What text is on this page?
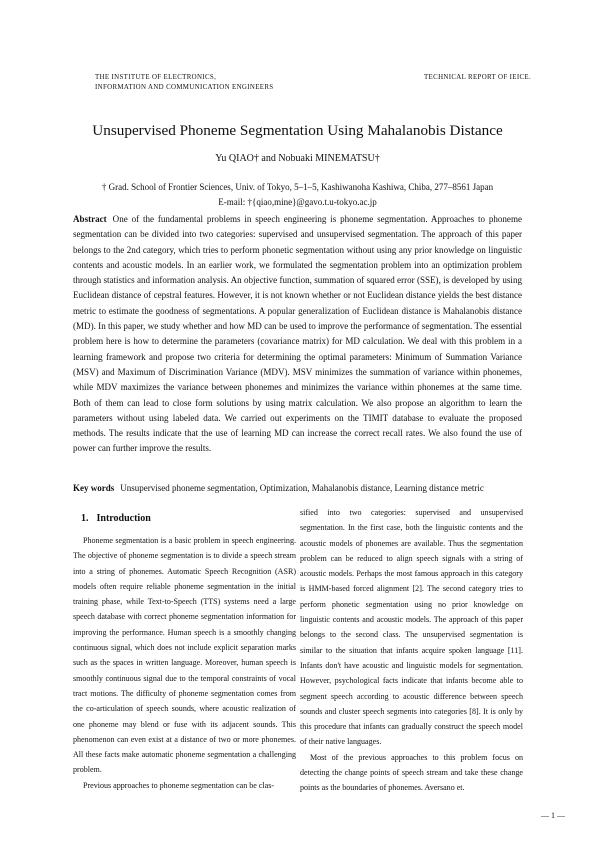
THE INSTITUTE OF ELECTRONICS,
INFORMATION AND COMMUNICATION ENGINEERS
TECHNICAL REPORT OF IEICE.
Unsupervised Phoneme Segmentation Using Mahalanobis Distance
Yu QIAO† and Nobuaki MINEMATSU†
† Grad. School of Frontier Sciences, Univ. of Tokyo, 5–1–5, Kashiwanoha Kashiwa, Chiba, 277–8561 Japan
E-mail: †{qiao,mine}@gavo.t.u-tokyo.ac.jp
Abstract One of the fundamental problems in speech engineering is phoneme segmentation. Approaches to phoneme segmentation can be divided into two categories: supervised and unsupervised segmentation. The approach of this paper belongs to the 2nd category, which tries to perform phonetic segmentation without using any prior knowledge on linguistic contents and acoustic models. In an earlier work, we formulated the segmentation problem into an optimization problem through statistics and information analysis. An objective function, summation of squared error (SSE), is developed by using Euclidean distance of cepstral features. However, it is not known whether or not Euclidean distance yields the best distance metric to estimate the goodness of segmentations. A popular generalization of Euclidean distance is Mahalanobis distance (MD). In this paper, we study whether and how MD can be used to improve the performance of segmentation. The essential problem here is how to determine the parameters (covariance matrix) for MD calculation. We deal with this problem in a learning framework and propose two criteria for determining the optimal parameters: Minimum of Summation Variance (MSV) and Maximum of Discrimination Variance (MDV). MSV minimizes the summation of variance within phonemes, while MDV maximizes the variance between phonemes and minimizes the variance within phonemes at the same time. Both of them can lead to close form solutions by using matrix calculation. We also propose an algorithm to learn the parameters without using labeled data. We carried out experiments on the TIMIT database to evaluate the proposed methods. The results indicate that the use of learning MD can increase the correct recall rates. We also found the use of power can further improve the results.
Key words Unsupervised phoneme segmentation, Optimization, Mahalanobis distance, Learning distance metric
1. Introduction

Phoneme segmentation is a basic problem in speech engineering. The objective of phoneme segmentation is to divide a speech stream into a string of phonemes. Automatic Speech Recognition (ASR) models often require reliable phoneme segmentation in the initial training phase, while Text-to-Speech (TTS) systems need a large speech database with correct phoneme segmentation information for improving the performance. Human speech is a smoothly changing continuous signal, which does not include explicit separation marks such as the spaces in written language. Moreover, human speech is smoothly continuous signal due to the temporal constraints of vocal tract motions. The difficulty of phoneme segmentation comes from the co-articulation of speech sounds, where acoustic realization of one phoneme may blend or fuse with its adjacent sounds. This phenomenon can even exist at a distance of two or more phonemes. All these facts make automatic phoneme segmentation a challenging problem.

Previous approaches to phoneme segmentation can be clas-

sified into two categories: supervised and unsupervised segmentation. In the first case, both the linguistic contents and the acoustic models of phonemes are available. Thus the segmentation problem can be reduced to align speech signals with a string of acoustic models. Perhaps the most famous approach in this category is HMM-based forced alignment [2]. The second category tries to perform phonetic segmentation using no prior knowledge on linguistic contents and acoustic models. The approach of this paper belongs to the second class. The unsupervised segmentation is similar to the situation that infants acquire spoken language [11]. Infants don't have acoustic and linguistic models for segmentation. However, psychological facts indicate that infants become able to segment speech according to acoustic difference between speech sounds and cluster speech segments into categories [8]. It is only by this procedure that infants can gradually construct the speech model of their native languages.

Most of the previous approaches to this problem focus on detecting the change points of speech stream and take these change points as the boundaries of phonemes. Aversano et.

— 1 —
